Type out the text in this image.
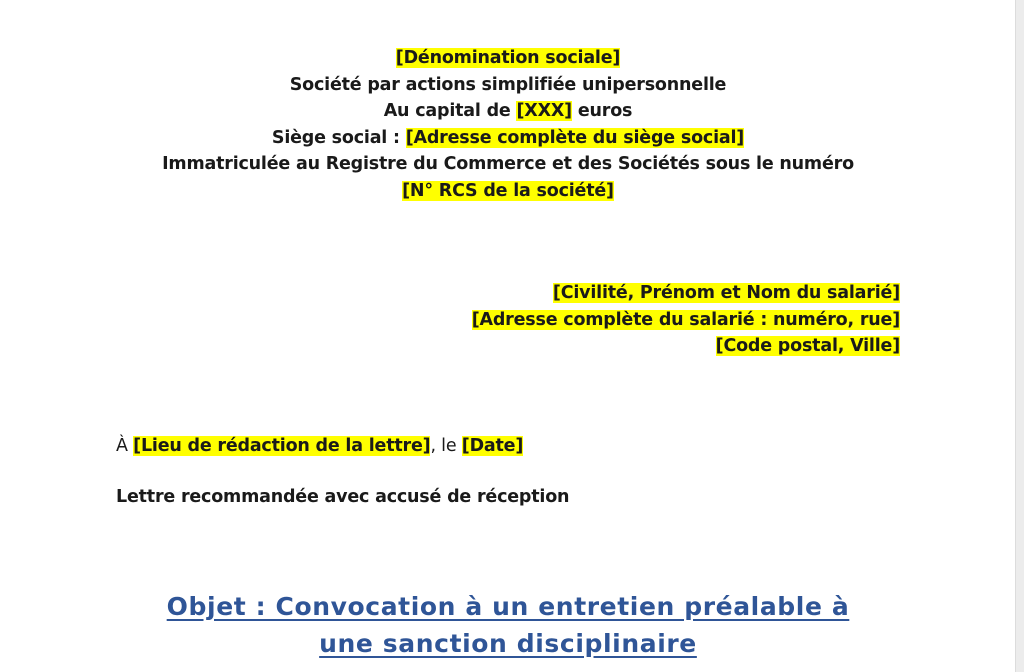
[Dénomination sociale]
Société par actions simplifiée unipersonnelle
Au capital de [XXX] euros
Siège social : [Adresse complète du siège social]
Immatriculée au Registre du Commerce et des Sociétés sous le numéro
[N° RCS de la société]
[Civilité, Prénom et Nom du salarié]
[Adresse complète du salarié : numéro, rue]
[Code postal, Ville]
À [Lieu de rédaction de la lettre], le [Date]
Lettre recommandée avec accusé de réception
Objet : Convocation à un entretien préalable à
une sanction disciplinaire
